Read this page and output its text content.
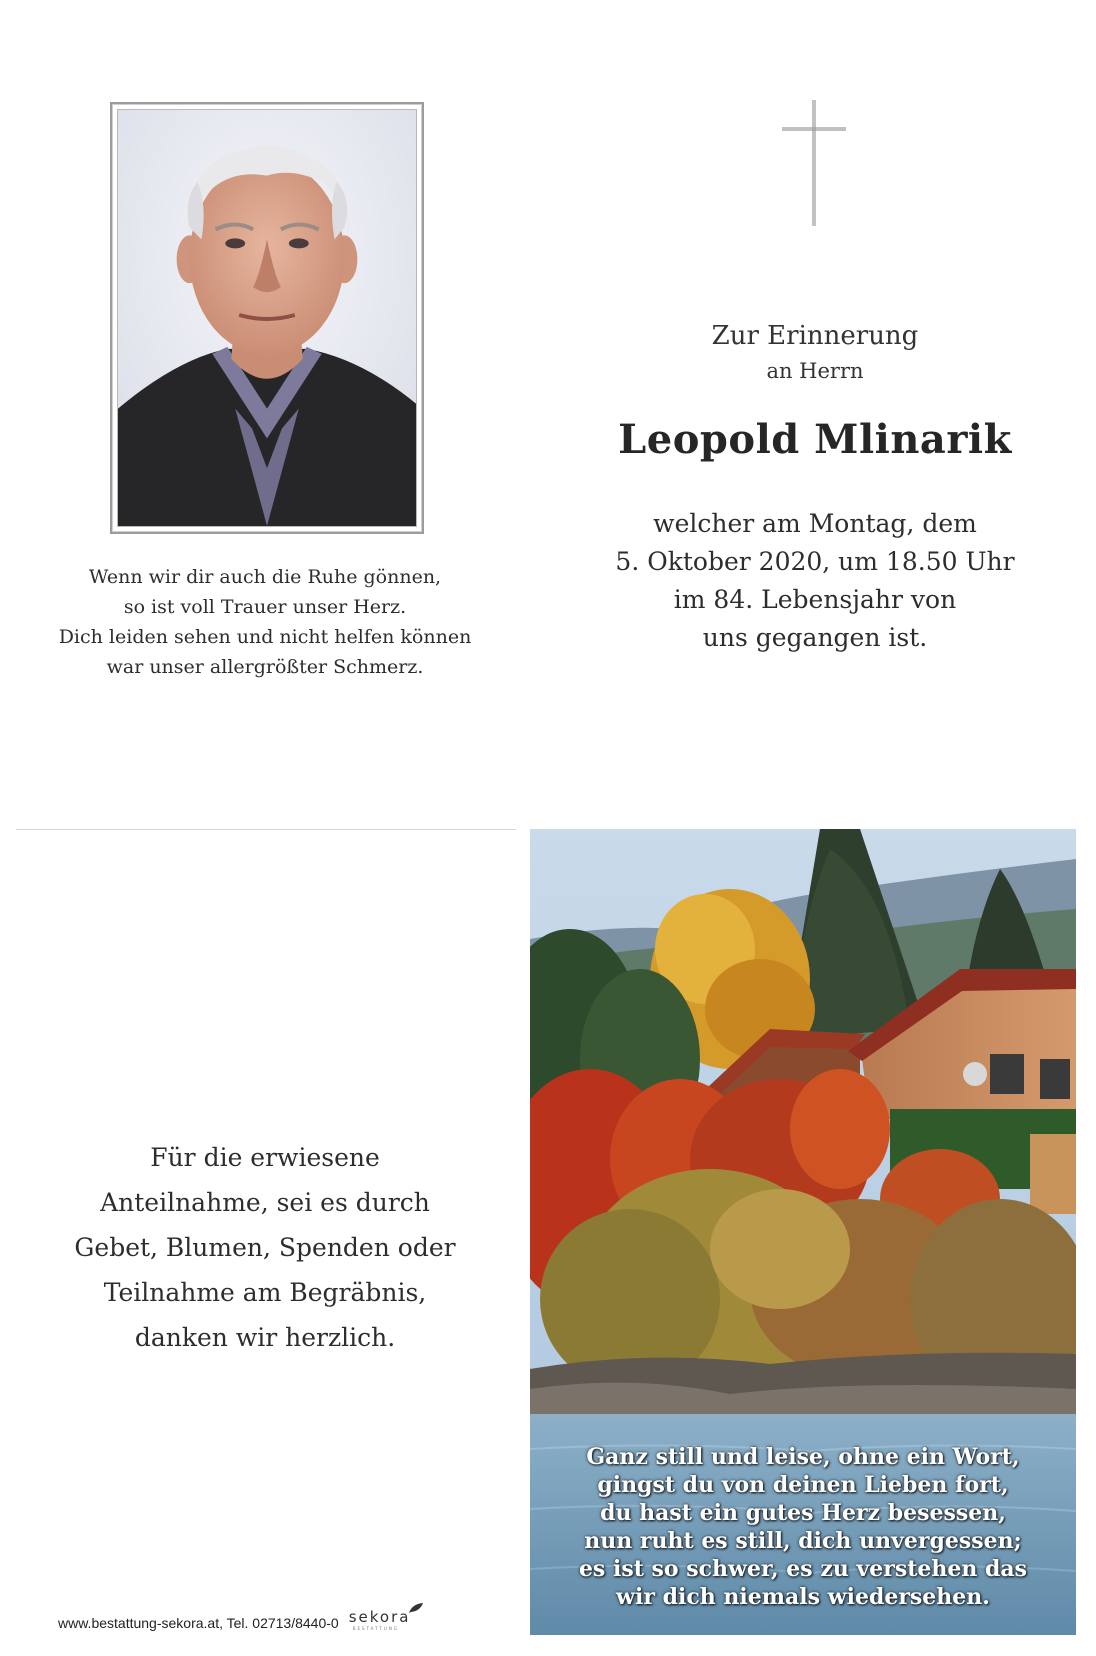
Wenn wir dir auch die Ruhe gönnen,
so ist voll Trauer unser Herz.
Dich leiden sehen und nicht helfen können
war unser allergrößter Schmerz.
Zur Erinnerung
an Herrn
Leopold Mlinarik
welcher am Montag, dem
5. Oktober 2020, um 18.50 Uhr
im 84. Lebensjahr von
uns gegangen ist.
Für die erwiesene
Anteilnahme, sei es durch
Gebet, Blumen, Spenden oder
Teilnahme am Begräbnis,
danken wir herzlich.
www.bestattung-sekora.at, Tel. 02713/8440-0 sekora
BESTATTUNG
Ganz still und leise, ohne ein Wort,
gingst du von deinen Lieben fort,
du hast ein gutes Herz besessen,
nun ruht es still, dich unvergessen;
es ist so schwer, es zu verstehen das
wir dich niemals wiedersehen.
